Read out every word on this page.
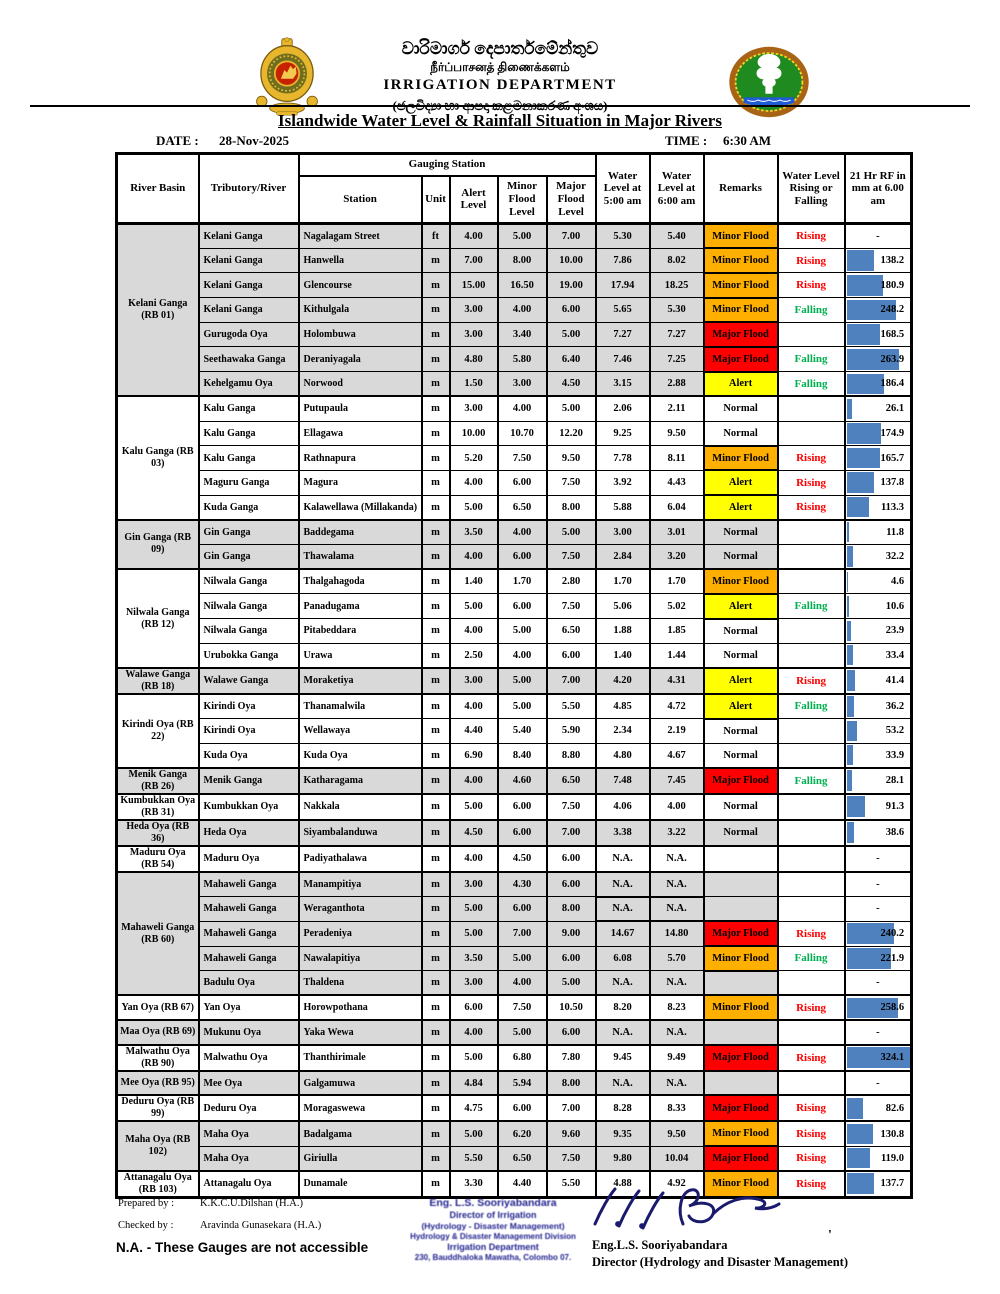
වාරිමාර්ග දෙපාර්තමේන්තුව
நீர்ப்பாசனத் திணைக்களம்
IRRIGATION DEPARTMENT
Islandwide Water Level & Rainfall Situation in Major Rivers
DATE : 28-Nov-2025	TIME : 6:30 AM
River Basin	Tributory/River	Gauging Station					Water Level at 5:00 am	Water Level at 6:00 am	Remarks	Water Level Rising or Falling	21 Hr RF in mm at 6.00 am
		Station	Unit	Alert Level	Minor Flood Level	Major Flood Level					
Kelani Ganga (RB 01)	Kelani Ganga	Nagalagam Street	ft	4.00	5.00	7.00	5.30	5.40	Minor Flood	Rising	-

	Kelani Ganga	Hanwella	m	7.00	8.00	10.00	7.86	8.02	Minor Flood	Rising	138.2

	Kelani Ganga	Glencourse	m	15.00	16.50	19.00	17.94	18.25	Minor Flood	Rising	180.9

	Kelani Ganga	Kithulgala	m	3.00	4.00	6.00	5.65	5.30	Minor Flood	Falling	248.2

	Gurugoda Oya	Holombuwa	m	3.00	3.40	5.00	7.27	7.27	Major Flood		168.5

	Seethawaka Ganga	Deraniyagala	m	4.80	5.80	6.40	7.46	7.25	Major Flood	Falling	263.9

	Kehelgamu Oya	Norwood	m	1.50	3.00	4.50	3.15	2.88	Alert	Falling	186.4

Kalu Ganga (RB 03)	Kalu Ganga	Putupaula	m	3.00	4.00	5.00	2.06	2.11	Normal		26.1

	Kalu Ganga	Ellagawa	m	10.00	10.70	12.20	9.25	9.50	Normal		174.9

	Kalu Ganga	Rathnapura	m	5.20	7.50	9.50	7.78	8.11	Minor Flood	Rising	165.7

	Maguru Ganga	Magura	m	4.00	6.00	7.50	3.92	4.43	Alert	Rising	137.8

	Kuda Ganga	Kalawellawa (Millakanda)	m	5.00	6.50	8.00	5.88	6.04	Alert	Rising	113.3

Gin Ganga (RB 09)	Gin Ganga	Baddegama	m	3.50	4.00	5.00	3.00	3.01	Normal		11.8

	Gin Ganga	Thawalama	m	4.00	6.00	7.50	2.84	3.20	Normal		32.2

Nilwala Ganga (RB 12)	Nilwala Ganga	Thalgahagoda	m	1.40	1.70	2.80	1.70	1.70	Minor Flood		4.6

	Nilwala Ganga	Panadugama	m	5.00	6.00	7.50	5.06	5.02	Alert	Falling	10.6

	Nilwala Ganga	Pitabeddara	m	4.00	5.00	6.50	1.88	1.85	Normal		23.9

	Urubokka Ganga	Urawa	m	2.50	4.00	6.00	1.40	1.44	Normal		33.4

Walawe Ganga (RB 18)	Walawe Ganga	Moraketiya	m	3.00	5.00	7.00	4.20	4.31	Alert	Rising	41.4

Kirindi Oya (RB 22)	Kirindi Oya	Thanamalwila	m	4.00	5.00	5.50	4.85	4.72	Alert	Falling	36.2

	Kirindi Oya	Wellawaya	m	4.40	5.40	5.90	2.34	2.19	Normal		53.2

	Kuda Oya	Kuda Oya	m	6.90	8.40	8.80	4.80	4.67	Normal		33.9

Menik Ganga (RB 26)	Menik Ganga	Katharagama	m	4.00	4.60	6.50	7.48	7.45	Major Flood	Falling	28.1

Kumbukkan Oya (RB 31)	Kumbukkan Oya	Nakkala	m	5.00	6.00	7.50	4.06	4.00	Normal		91.3

Heda Oya (RB 36)	Heda Oya	Siyambalanduwa	m	4.50	6.00	7.00	3.38	3.22	Normal		38.6

Maduru Oya (RB 54)	Maduru Oya	Padiyathalawa	m	4.00	4.50	6.00	N.A.	N.A.			-

Mahaweli Ganga (RB 60)	Mahaweli Ganga	Manampitiya	m	3.00	4.30	6.00	N.A.	N.A.			-

	Mahaweli Ganga	Weraganthota	m	5.00	6.00	8.00	N.A.	N.A.			-

	Mahaweli Ganga	Peradeniya	m	5.00	7.00	9.00	14.67	14.80	Major Flood	Rising	240.2

	Mahaweli Ganga	Nawalapitiya	m	3.50	5.00	6.00	6.08	5.70	Minor Flood	Falling	221.9

	Badulu Oya	Thaldena	m	3.00	4.00	5.00	N.A.	N.A.			-

Yan Oya (RB 67)	Yan Oya	Horowpothana	m	6.00	7.50	10.50	8.20	8.23	Minor Flood	Rising	258.6

Maa Oya (RB 69)	Mukunu Oya	Yaka Wewa	m	4.00	5.00	6.00	N.A.	N.A.			-

Malwathu Oya (RB 90)	Malwathu Oya	Thanthirimale	m	5.00	6.80	7.80	9.45	9.49	Major Flood	Rising	324.1

Mee Oya (RB 95)	Mee Oya	Galgamuwa	m	4.84	5.94	8.00	N.A.	N.A.			-

Deduru Oya (RB 99)	Deduru Oya	Moragaswewa	m	4.75	6.00	7.00	8.28	8.33	Major Flood	Rising	82.6

Maha Oya (RB 102)	Maha Oya	Badalgama	m	5.00	6.20	9.60	9.35	9.50	Minor Flood	Rising	130.8

	Maha Oya	Giriulla	m	5.50	6.50	7.50	9.80	10.04	Major Flood	Rising	119.0

Attanagalu Oya (RB 103)	Attanagalu Oya	Dunamale	m	3.30	4.40	5.50	4.88	4.92	Minor Flood	Rising	137.7
Prepared by : K.K.C.U.Dilshan (H.A.)
Checked by :	Aravinda Gunasekara (H.A.)
N.A. - These Gauges are not accessible
Eng. L.S. Sooriyabandara
Director of Irrigation
(Hydrology - Disaster Management)
Hydrology & Disaster Management Division
Irrigation Department
230, Bauddhaloka Mawatha, Colombo 07.
Eng.L.S. Sooriyabandara
Director (Hydrology and Disaster Management)
'
